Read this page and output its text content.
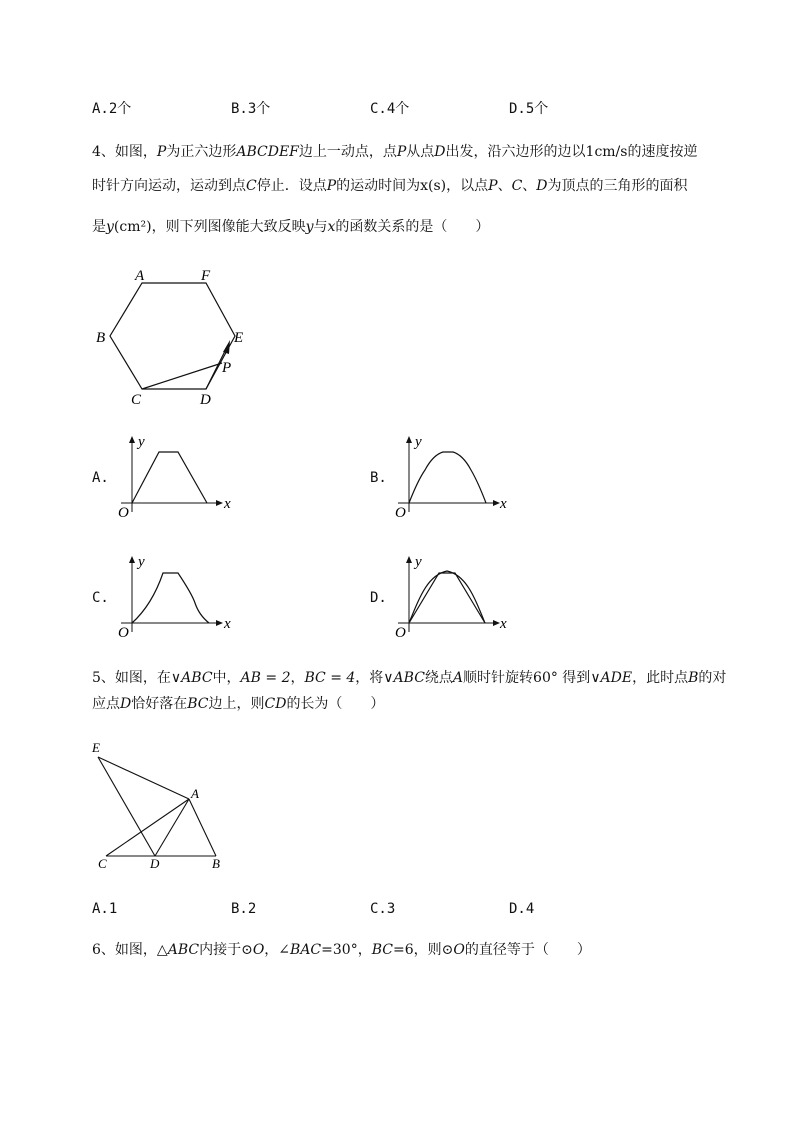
A.2个	B.3个	C.4个	D.5个
4、如图，P为正六边形ABCDEF边上一动点，点P从点D出发，沿六边形的边以1cm/s的速度按逆
时针方向运动，运动到点C停止．设点P的运动时间为x(s)，以点P、C、D为顶点的三角形的面积
是y(cm²)，则下列图像能大致反映y与x的函数关系的是（　　）
A	F
B	E
P
C	D
A.	B.
C.	D.
y
x
O
y
x
O
y
x
O
y
x
O
5、如图，在∨ABC中，AB = 2，BC = 4，将∨ABC绕点A顺时针旋转60° 得到∨ADE，此时点B的对
应点D恰好落在BC边上，则CD的长为（　　）
E
A
C	D	B
A.1	B.2	C.3	D.4
6、如图，△ABC内接于⊙O，∠BAC=30°，BC=6，则⊙O的直径等于（　　）
